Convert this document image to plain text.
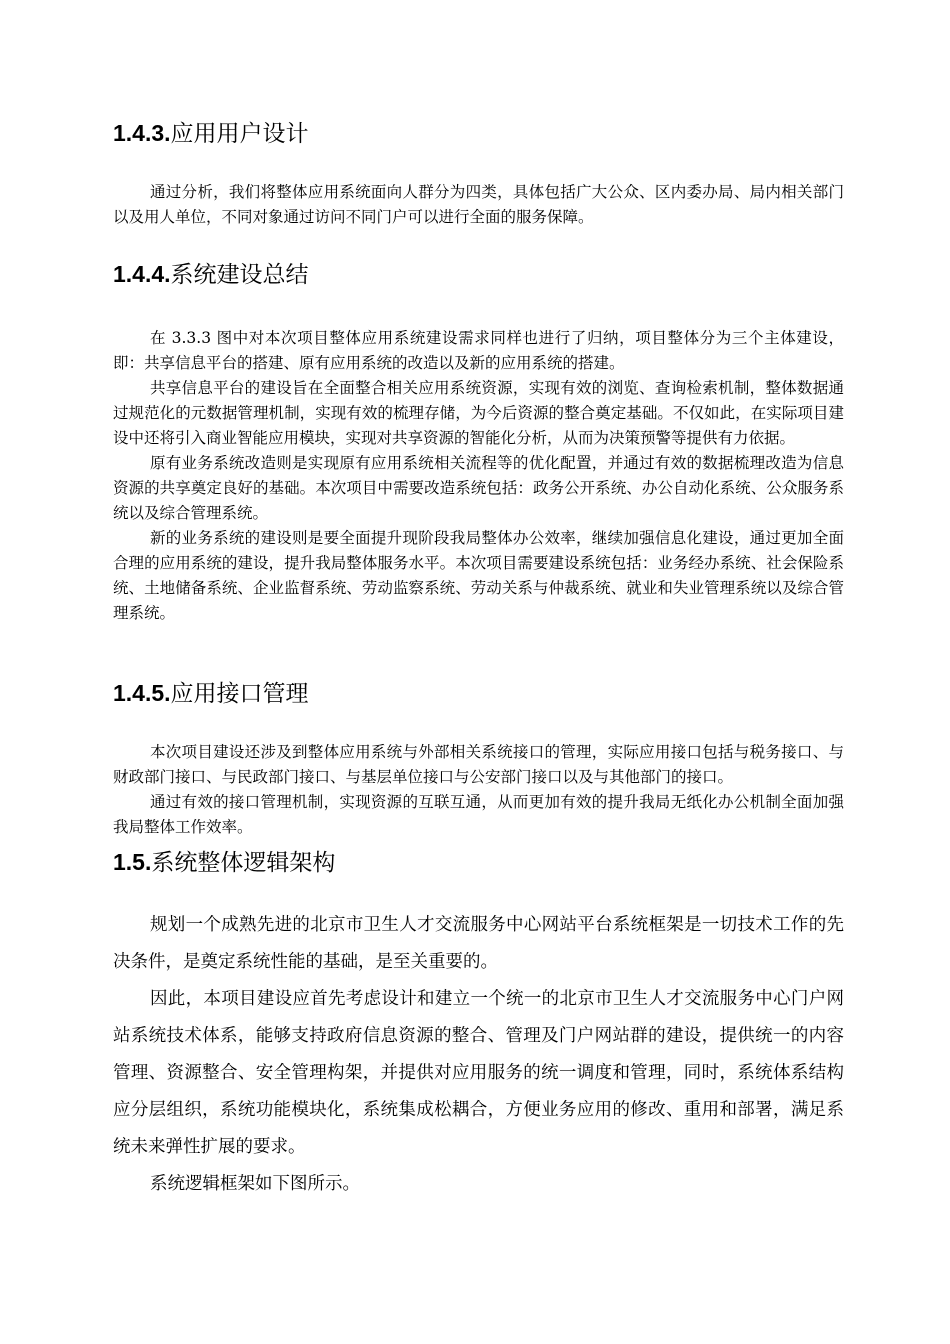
1.4.3.应用用户设计

通过分析，我们将整体应用系统面向人群分为四类，具体包括广大公众、区内委办局、局内相关部门以及用人单位，不同对象通过访问不同门户可以进行全面的服务保障。

1.4.4.系统建设总结

在 3.3.3 图中对本次项目整体应用系统建设需求同样也进行了归纳，项目整体分为三个主体建设，即：共享信息平台的搭建、原有应用系统的改造以及新的应用系统的搭建。

共享信息平台的建设旨在全面整合相关应用系统资源，实现有效的浏览、查询检索机制，整体数据通过规范化的元数据管理机制，实现有效的梳理存储，为今后资源的整合奠定基础。不仅如此，在实际项目建设中还将引入商业智能应用模块，实现对共享资源的智能化分析，从而为决策预警等提供有力依据。

原有业务系统改造则是实现原有应用系统相关流程等的优化配置，并通过有效的数据梳理改造为信息资源的共享奠定良好的基础。本次项目中需要改造系统包括：政务公开系统、办公自动化系统、公众服务系统以及综合管理系统。

新的业务系统的建设则是要全面提升现阶段我局整体办公效率，继续加强信息化建设，通过更加全面合理的应用系统的建设，提升我局整体服务水平。本次项目需要建设系统包括：业务经办系统、社会保险系统、土地储备系统、企业监督系统、劳动监察系统、劳动关系与仲裁系统、就业和失业管理系统以及综合管理系统。

1.4.5.应用接口管理

本次项目建设还涉及到整体应用系统与外部相关系统接口的管理，实际应用接口包括与税务接口、与财政部门接口、与民政部门接口、与基层单位接口与公安部门接口以及与其他部门的接口。

通过有效的接口管理机制，实现资源的互联互通，从而更加有效的提升我局无纸化办公机制全面加强我局整体工作效率。

1.5.系统整体逻辑架构

规划一个成熟先进的北京市卫生人才交流服务中心网站平台系统框架是一切技术工作的先决条件，是奠定系统性能的基础，是至关重要的。

因此，本项目建设应首先考虑设计和建立一个统一的北京市卫生人才交流服务中心门户网站系统技术体系，能够支持政府信息资源的整合、管理及门户网站群的建设，提供统一的内容管理、资源整合、安全管理构架，并提供对应用服务的统一调度和管理，同时，系统体系结构应分层组织，系统功能模块化，系统集成松耦合，方便业务应用的修改、重用和部署，满足系统未来弹性扩展的要求。

系统逻辑框架如下图所示。
